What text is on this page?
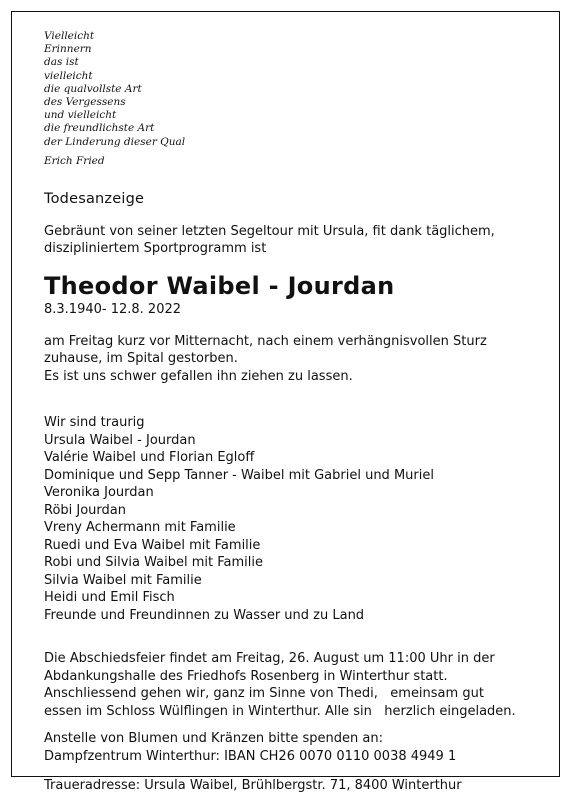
Vielleicht
Erinnern
das ist
vielleicht
die qualvollste Art
des Vergessens
und vielleicht
die freundlichste Art
der Linderung dieser Qual
Erich Fried
Todesanzeige
Gebräunt von seiner letzten Segeltour mit Ursula, fit dank täglichem,
diszipliniertem Sportprogramm ist
Theodor Waibel - Jourdan
8.3.1940- 12.8. 2022
am Freitag kurz vor Mitternacht, nach einem verhängnisvollen Sturz
zuhause, im Spital gestorben.
Es ist uns schwer gefallen ihn ziehen zu lassen.
Wir sind traurig
Ursula Waibel - Jourdan
Valérie Waibel und Florian Egloff
Dominique und Sepp Tanner - Waibel mit Gabriel und Muriel
Veronika Jourdan
Röbi Jourdan
Vreny Achermann mit Familie
Ruedi und Eva Waibel mit Familie
Robi und Silvia Waibel mit Familie
Silvia Waibel mit Familie
Heidi und Emil Fisch
Freunde und Freundinnen zu Wasser und zu Land
Die Abschiedsfeier findet am Freitag, 26. August um 11:00 Uhr in der
Abdankungshalle des Friedhofs Rosenberg in Winterthur statt.
Anschliessend gehen wir, ganz im Sinne von Thedi,   emeinsam gut
essen im Schloss Wülflingen in Winterthur. Alle sin   herzlich eingeladen.
Anstelle von Blumen und Kränzen bitte spenden an:
Dampfzentrum Winterthur: IBAN CH26 0070 0110 0038 4949 1
Traueradresse: Ursula Waibel, Brühlbergstr. 71, 8400 Winterthur
